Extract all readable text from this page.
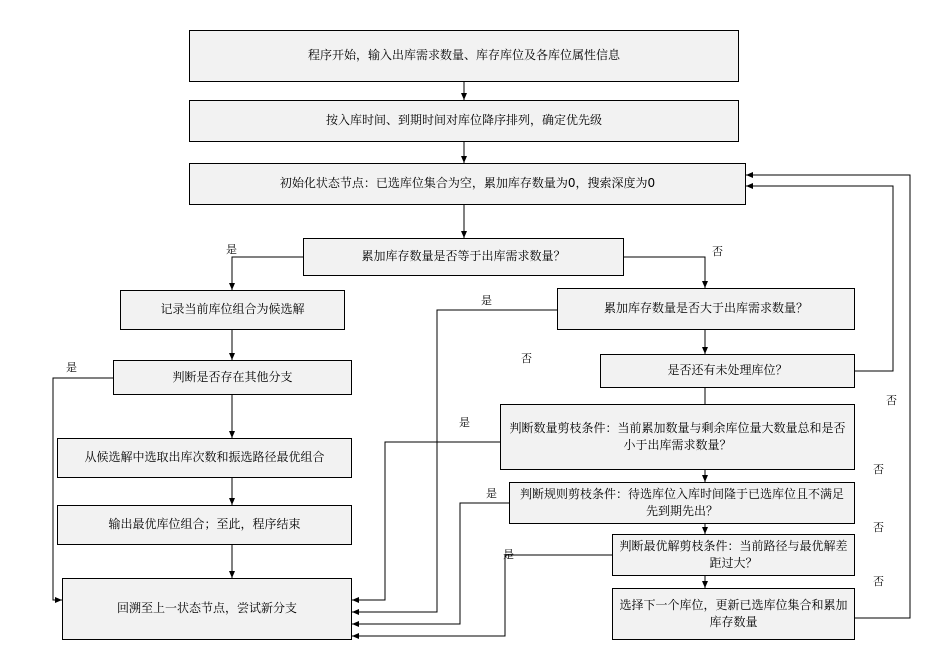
程序开始，输入出库需求数量、库存库位及各库位属性信息
按入库时间、到期时间对库位降序排列，确定优先级
初始化状态节点：已选库位集合为空，累加库存数量为0，搜索深度为0
累加库存数量是否等于出库需求数量？
记录当前库位组合为候选解
判断是否存在其他分支
从候选解中选取出库次数和振选路径最优组合
输出最优库位组合；至此，程序结束
回溯至上一状态节点，尝试新分支
累加库存数量是否大于出库需求数量？
是否还有未处理库位？
判断数量剪枝条件：当前累加数量与剩余库位量大数量总和是否小于出库需求数量？
判断规则剪枝条件：待选库位入库时间隆于已选库位且不满足先到期先出？
判断最优解剪枝条件：当前路径与最优解差距过大？
选择下一个库位，更新已选库位集合和累加库存数量
是	否
是
否
是
是
是
是
否
否
否
否
